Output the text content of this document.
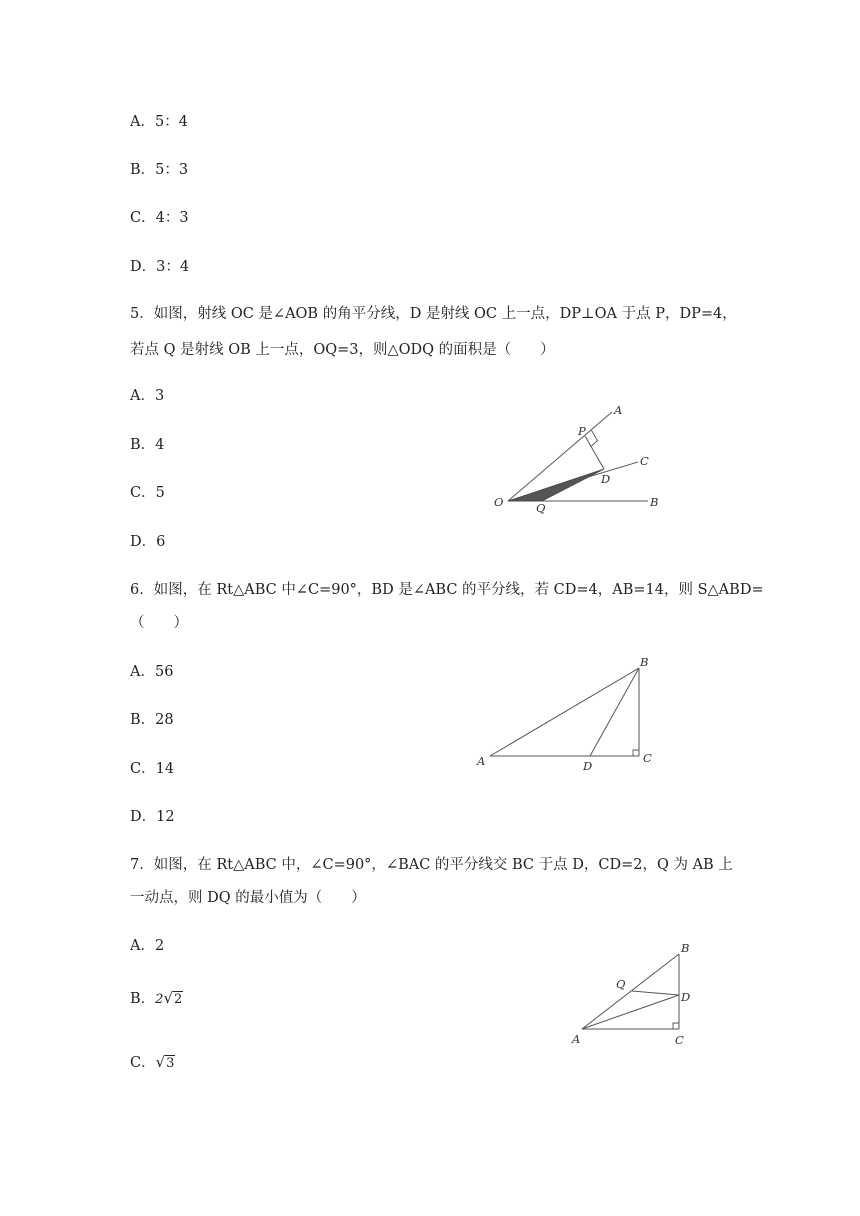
A．5：4
B．5：3
C．4：3
D．3：4
5．如图，射线 OC 是∠AOB 的角平分线，D 是射线 OC 上一点，DP⊥OA 于点 P，DP=4，
若点 Q 是射线 OB 上一点，OQ=3，则△ODQ 的面积是（　　）
A．3
B．4
C．5
D．6
A
P
C
D
O	Q	B
6．如图，在 Rt△ABC 中∠C=90°，BD 是∠ABC 的平分线，若 CD=4，AB=14，则 S△ABD=
（　　）
A．56
B．28
C．14
D．12
B
A	D
C
7．如图，在 Rt△ABC 中，∠C=90°，∠BAC 的平分线交 BC 于点 D，CD=2，Q 为 AB 上
一动点，则 DQ 的最小值为（　　）
A．2
B．2√2
C．√3
B
Q
D
A	C
